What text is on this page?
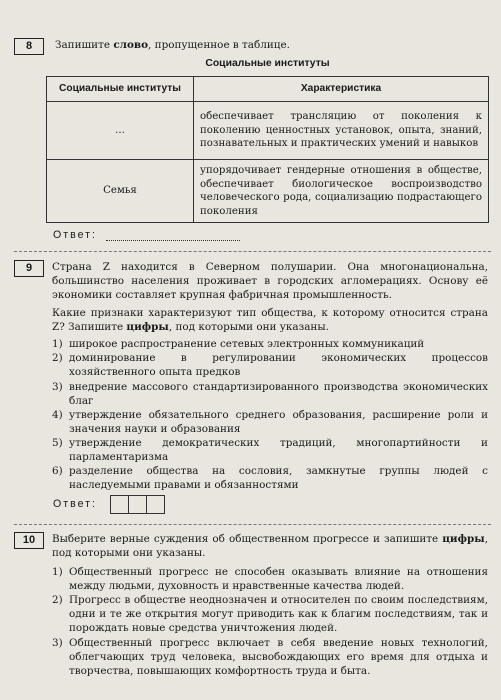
8	Запишите слово, пропущенное в таблице.
Социальные институты
Социальные институты	Характеристика
...	обеспечивает трансляцию от поколения к поколению ценностных установок, опыта, знаний, познавательных и практических умений и навыков
Семья	упорядочивает гендерные отношения в обществе, обеспечивает биологическое воспроизводство человеческого рода, социализацию подрастающего поколения
Ответ:
9	Страна Z находится в Северном полушарии. Она многонациональна, большинство населения проживает в городских агломерациях. Основу её экономики составляет крупная фабричная промышленность.
Какие признаки характеризуют тип общества, к которому относится страна Z? Запишите цифры, под которыми они указаны.
1) широкое распространение сетевых электронных коммуникаций
2) доминирование в регулировании экономических процессов хозяйственного опыта предков
3) внедрение массового стандартизированного производства экономических благ
4) утверждение обязательного среднего образования, расширение роли и значения науки и образования
5) утверждение демократических традиций, многопартийности и парламентаризма
6) разделение общества на сословия, замкнутые группы людей с наследуемыми правами и обязанностями
Ответ:
10	Выберите верные суждения об общественном прогрессе и запишите цифры, под которыми они указаны.
1) Общественный прогресс не способен оказывать влияние на отношения между людьми, духовность и нравственные качества людей.
2) Прогресс в обществе неоднозначен и относителен по своим последствиям, одни и те же открытия могут приводить как к благим последствиям, так и порождать новые средства уничтожения людей.
3) Общественный прогресс включает в себя введение новых технологий, облегчающих труд человека, высвобождающих его время для отдыха и творчества, повышающих комфортность труда и быта.
